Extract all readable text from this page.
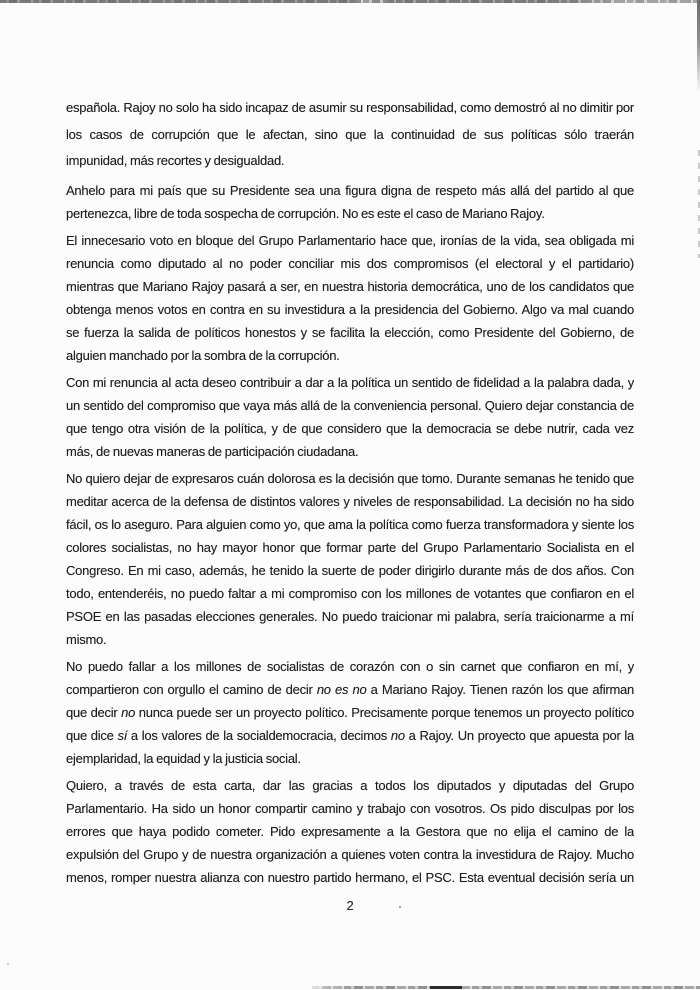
española. Rajoy no solo ha sido incapaz de asumir su responsabilidad, como demostró al no dimitir por
los casos de corrupción que le afectan, sino que la continuidad de sus políticas sólo traerán
impunidad, más recortes y desigualdad.

Anhelo para mi país que su Presidente sea una figura digna de respeto más allá del partido al que
pertenezca, libre de toda sospecha de corrupción. No es este el caso de Mariano Rajoy.

El innecesario voto en bloque del Grupo Parlamentario hace que, ironías de la vida, sea obligada mi
renuncia como diputado al no poder conciliar mis dos compromisos (el electoral y el partidario)
mientras que Mariano Rajoy pasará a ser, en nuestra historia democrática, uno de los candidatos que
obtenga menos votos en contra en su investidura a la presidencia del Gobierno. Algo va mal cuando
se fuerza la salida de políticos honestos y se facilita la elección, como Presidente del Gobierno, de
alguien manchado por la sombra de la corrupción.

Con mi renuncia al acta deseo contribuir a dar a la política un sentido de fidelidad a la palabra dada, y
un sentido del compromiso que vaya más allá de la conveniencia personal. Quiero dejar constancia de
que tengo otra visión de la política, y de que considero que la democracia se debe nutrir, cada vez
más, de nuevas maneras de participación ciudadana.

No quiero dejar de expresaros cuán dolorosa es la decisión que tomo. Durante semanas he tenido que
meditar acerca de la defensa de distintos valores y niveles de responsabilidad. La decisión no ha sido
fácil, os lo aseguro. Para alguien como yo, que ama la política como fuerza transformadora y siente los
colores socialistas, no hay mayor honor que formar parte del Grupo Parlamentario Socialista en el
Congreso. En mi caso, además, he tenido la suerte de poder dirigirlo durante más de dos años. Con
todo, entenderéis, no puedo faltar a mi compromiso con los millones de votantes que confiaron en el
PSOE en las pasadas elecciones generales. No puedo traicionar mi palabra, sería traicionarme a mí
mismo.

No puedo fallar a los millones de socialistas de corazón con o sin carnet que confiaron en mí, y
compartieron con orgullo el camino de decir no es no a Mariano Rajoy. Tienen razón los que afirman
que decir no nunca puede ser un proyecto político. Precisamente porque tenemos un proyecto político
que dice sí a los valores de la socialdemocracia, decimos no a Rajoy. Un proyecto que apuesta por la
ejemplaridad, la equidad y la justicia social.

Quiero, a través de esta carta, dar las gracias a todos los diputados y diputadas del Grupo
Parlamentario. Ha sido un honor compartir camino y trabajo con vosotros. Os pido disculpas por los
errores que haya podido cometer. Pido expresamente a la Gestora que no elija el camino de la
expulsión del Grupo y de nuestra organización a quienes voten contra la investidura de Rajoy. Mucho
menos, romper nuestra alianza con nuestro partido hermano, el PSC. Esta eventual decisión sería un

2
